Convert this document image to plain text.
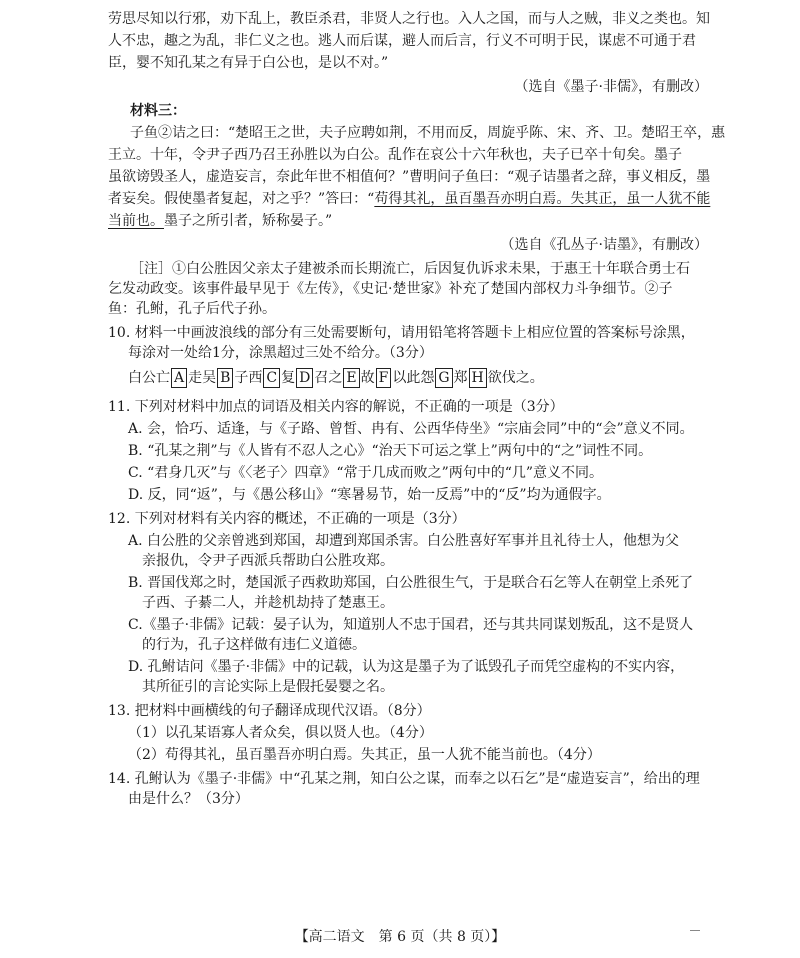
劳思尽知以行邪，劝下乱上，教臣杀君，非贤人之行也。入人之国，而与人之贼，非义之类也。知
人不忠，趣之为乱，非仁义之也。逃人而后谋，避人而后言，行义不可明于民，谋虑不可通于君
臣，婴不知孔某之有异于白公也，是以不对。”
（选自《墨子·非儒》，有删改）
材料三：
子鱼②诘之曰：“楚昭王之世，夫子应聘如荆，不用而反，周旋乎陈、宋、齐、卫。楚昭王卒，惠
王立。十年，令尹子西乃召王孙胜以为白公。乱作在哀公十六年秋也，夫子已卒十旬矣。墨子
虽欲谤毁圣人，虚造妄言，奈此年世不相值何？”曹明问子鱼曰：“观子诘墨者之辞，事义相反，墨
者妄矣。假使墨者复起，对之乎？”答曰：“苟得其礼，虽百墨吾亦明白焉。失其正，虽一人犹不能
当前也。墨子之所引者，矫称晏子。”
（选自《孔丛子·诘墨》，有删改）
［注］①白公胜因父亲太子建被杀而长期流亡，后因复仇诉求未果，于惠王十年联合勇士石
乞发动政变。该事件最早见于《左传》，《史记·楚世家》补充了楚国内部权力斗争细节。②子
鱼：孔鲋，孔子后代子孙。
10. 材料一中画波浪线的部分有三处需要断句，请用铅笔将答题卡上相应位置的答案标号涂黑，
每涂对一处给1分，涂黑超过三处不给分。（3分）
白公亡 A 走吴 B 子西 C 复 D 召之 E 故 F 以此怨 G 郑 H 欲伐之。
11. 下列对材料中加点的词语及相关内容的解说，不正确的一项是（3分）
A. 会，恰巧、适逢，与《子路、曾皙、冉有、公西华侍坐》“宗庙会同”中的“会”意义不同。
B. “孔某之荆”与《人皆有不忍人之心》“治天下可运之掌上”两句中的“之”词性不同。
C. “君身几灭”与《〈老子〉四章》“常于几成而败之”两句中的“几”意义不同。
D. 反，同“返”，与《愚公移山》“寒暑易节，始一反焉”中的“反”均为通假字。
12. 下列对材料有关内容的概述，不正确的一项是（3分）
A. 白公胜的父亲曾逃到郑国，却遭到郑国杀害。白公胜喜好军事并且礼待士人，他想为父
亲报仇，令尹子西派兵帮助白公胜攻郑。
B. 晋国伐郑之时，楚国派子西救助郑国，白公胜很生气，于是联合石乞等人在朝堂上杀死了
子西、子綦二人，并趁机劫持了楚惠王。
C.《墨子·非儒》记载：晏子认为，知道别人不忠于国君，还与其共同谋划叛乱，这不是贤人
的行为，孔子这样做有违仁义道德。
D. 孔鲋诘问《墨子·非儒》中的记载，认为这是墨子为了诋毁孔子而凭空虚构的不实内容，
其所征引的言论实际上是假托晏婴之名。
13. 把材料中画横线的句子翻译成现代汉语。（8分）
（1）以孔某语寡人者众矣，俱以贤人也。（4分）
（2）苟得其礼，虽百墨吾亦明白焉。失其正，虽一人犹不能当前也。（4分）
14. 孔鲋认为《墨子·非儒》中“孔某之荆，知白公之谋，而奉之以石乞”是“虚造妄言”，给出的理
由是什么？（3分）
【高二语文　第 6 页（共 8 页）】
